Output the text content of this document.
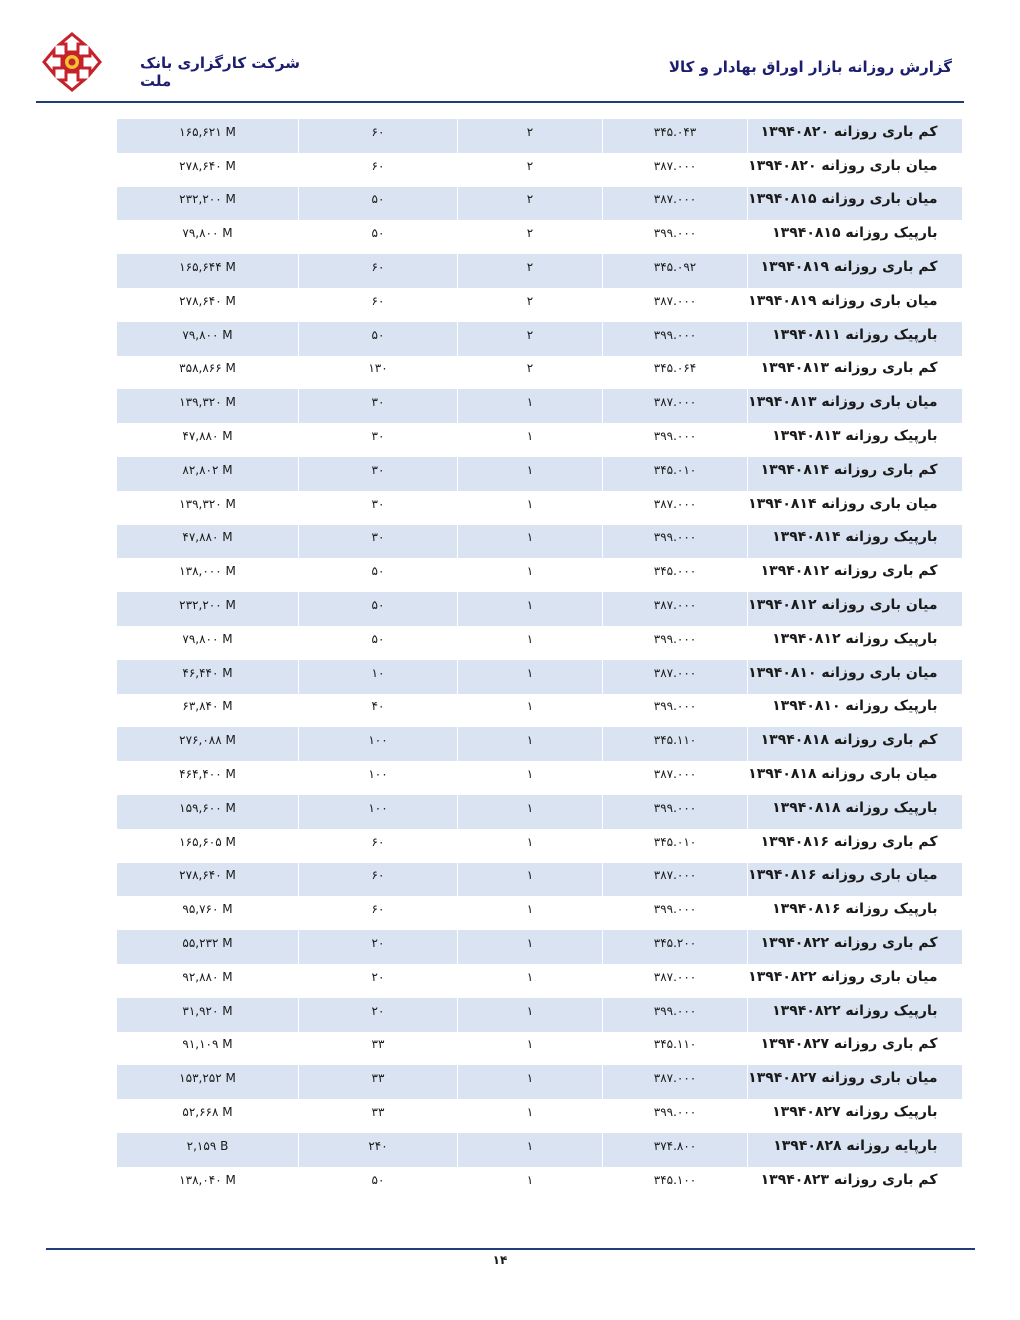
شرکت کارگزاری بانک ملت
گزارش روزانه بازار اوراق بهادار و کالا
۱۶۵,۶۲۱ M	۶۰	۲	۳۴۵.۰۴۳	کم باری روزانه ۱۳۹۴۰۸۲۰
۲۷۸,۶۴۰ M	۶۰	۲	۳۸۷.۰۰۰	میان باری روزانه ۱۳۹۴۰۸۲۰
۲۳۲,۲۰۰ M	۵۰	۲	۳۸۷.۰۰۰	میان باری روزانه ۱۳۹۴۰۸۱۵
۷۹,۸۰۰ M	۵۰	۲	۳۹۹.۰۰۰	بارپیک روزانه ۱۳۹۴۰۸۱۵
۱۶۵,۶۴۴ M	۶۰	۲	۳۴۵.۰۹۲	کم باری روزانه ۱۳۹۴۰۸۱۹
۲۷۸,۶۴۰ M	۶۰	۲	۳۸۷.۰۰۰	میان باری روزانه ۱۳۹۴۰۸۱۹
۷۹,۸۰۰ M	۵۰	۲	۳۹۹.۰۰۰	بارپیک روزانه ۱۳۹۴۰۸۱۱
۳۵۸,۸۶۶ M	۱۳۰	۲	۳۴۵.۰۶۴	کم باری روزانه ۱۳۹۴۰۸۱۳
۱۳۹,۳۲۰ M	۳۰	۱	۳۸۷.۰۰۰	میان باری روزانه ۱۳۹۴۰۸۱۳
۴۷,۸۸۰ M	۳۰	۱	۳۹۹.۰۰۰	بارپیک روزانه ۱۳۹۴۰۸۱۳
۸۲,۸۰۲ M	۳۰	۱	۳۴۵.۰۱۰	کم باری روزانه ۱۳۹۴۰۸۱۴
۱۳۹,۳۲۰ M	۳۰	۱	۳۸۷.۰۰۰	میان باری روزانه ۱۳۹۴۰۸۱۴
۴۷,۸۸۰ M	۳۰	۱	۳۹۹.۰۰۰	بارپیک روزانه ۱۳۹۴۰۸۱۴
۱۳۸,۰۰۰ M	۵۰	۱	۳۴۵.۰۰۰	کم باری روزانه ۱۳۹۴۰۸۱۲
۲۳۲,۲۰۰ M	۵۰	۱	۳۸۷.۰۰۰	میان باری روزانه ۱۳۹۴۰۸۱۲
۷۹,۸۰۰ M	۵۰	۱	۳۹۹.۰۰۰	بارپیک روزانه ۱۳۹۴۰۸۱۲
۴۶,۴۴۰ M	۱۰	۱	۳۸۷.۰۰۰	میان باری روزانه ۱۳۹۴۰۸۱۰
۶۳,۸۴۰ M	۴۰	۱	۳۹۹.۰۰۰	بارپیک روزانه ۱۳۹۴۰۸۱۰
۲۷۶,۰۸۸ M	۱۰۰	۱	۳۴۵.۱۱۰	کم باری روزانه ۱۳۹۴۰۸۱۸
۴۶۴,۴۰۰ M	۱۰۰	۱	۳۸۷.۰۰۰	میان باری روزانه ۱۳۹۴۰۸۱۸
۱۵۹,۶۰۰ M	۱۰۰	۱	۳۹۹.۰۰۰	بارپیک روزانه ۱۳۹۴۰۸۱۸
۱۶۵,۶۰۵ M	۶۰	۱	۳۴۵.۰۱۰	کم باری روزانه ۱۳۹۴۰۸۱۶
۲۷۸,۶۴۰ M	۶۰	۱	۳۸۷.۰۰۰	میان باری روزانه ۱۳۹۴۰۸۱۶
۹۵,۷۶۰ M	۶۰	۱	۳۹۹.۰۰۰	بارپیک روزانه ۱۳۹۴۰۸۱۶
۵۵,۲۳۲ M	۲۰	۱	۳۴۵.۲۰۰	کم باری روزانه ۱۳۹۴۰۸۲۲
۹۲,۸۸۰ M	۲۰	۱	۳۸۷.۰۰۰	میان باری روزانه ۱۳۹۴۰۸۲۲
۳۱,۹۲۰ M	۲۰	۱	۳۹۹.۰۰۰	بارپیک روزانه ۱۳۹۴۰۸۲۲
۹۱,۱۰۹ M	۳۳	۱	۳۴۵.۱۱۰	کم باری روزانه ۱۳۹۴۰۸۲۷
۱۵۳,۲۵۲ M	۳۳	۱	۳۸۷.۰۰۰	میان باری روزانه ۱۳۹۴۰۸۲۷
۵۲,۶۶۸ M	۳۳	۱	۳۹۹.۰۰۰	بارپیک روزانه ۱۳۹۴۰۸۲۷
۲,۱۵۹ B	۲۴۰	۱	۳۷۴.۸۰۰	بارپایه روزانه ۱۳۹۴۰۸۲۸
۱۳۸,۰۴۰ M	۵۰	۱	۳۴۵.۱۰۰	کم باری روزانه ۱۳۹۴۰۸۲۳
۱۴
